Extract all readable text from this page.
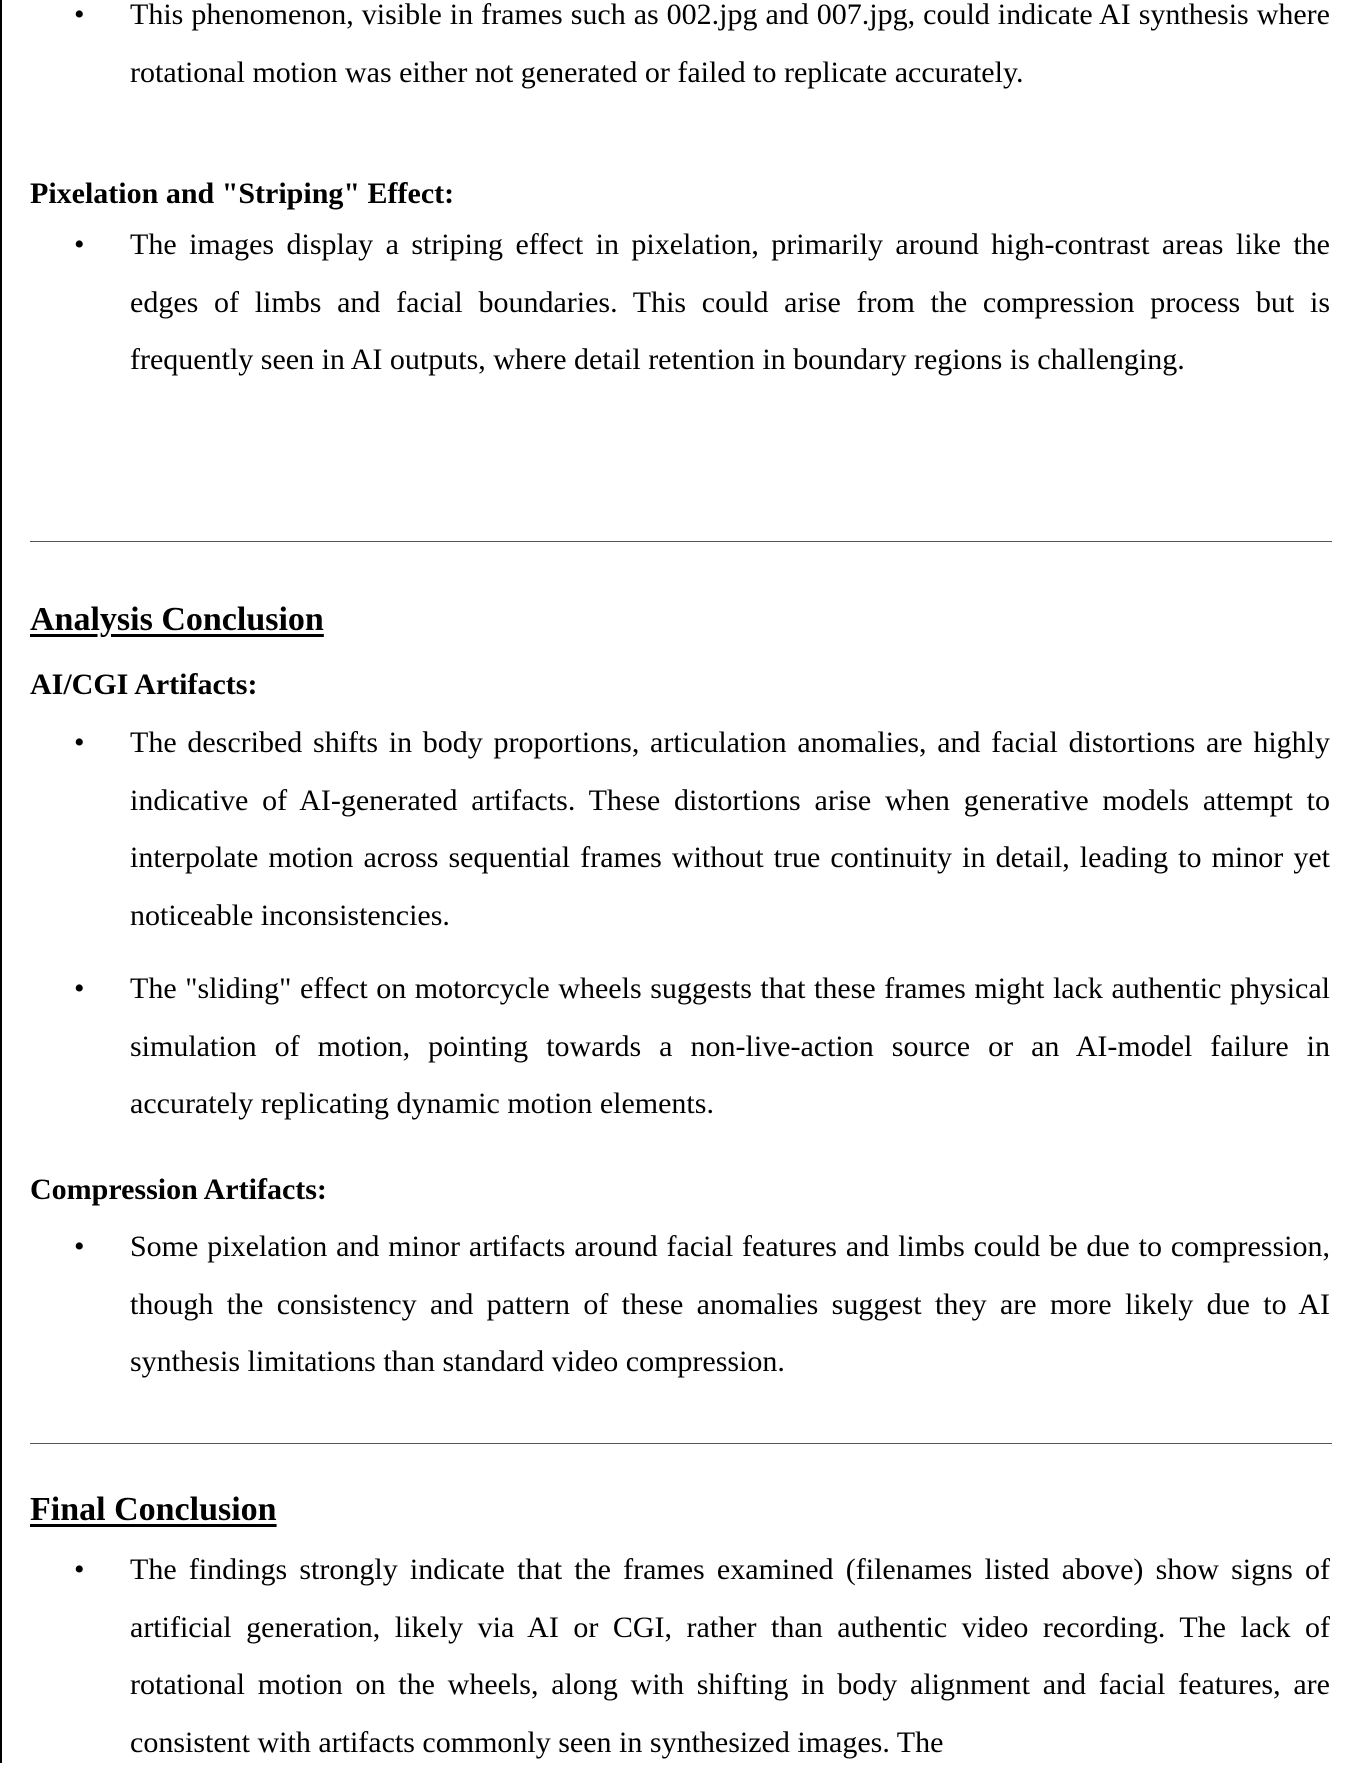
• This phenomenon, visible in frames such as 002.jpg and 007.jpg, could indicate AI synthesis where rotational motion was either not generated or failed to replicate accurately.

Pixelation and "Striping" Effect:

• The images display a striping effect in pixelation, primarily around high-contrast areas like the edges of limbs and facial boundaries. This could arise from the compression process but is frequently seen in AI outputs, where detail retention in boundary regions is challenging.

Analysis Conclusion

AI/CGI Artifacts:

• The described shifts in body proportions, articulation anomalies, and facial distortions are highly indicative of AI-generated artifacts. These distortions arise when generative models attempt to interpolate motion across sequential frames without true continuity in detail, leading to minor yet noticeable inconsistencies.

• The "sliding" effect on motorcycle wheels suggests that these frames might lack authentic physical simulation of motion, pointing towards a non-live-action source or an AI-model failure in accurately replicating dynamic motion elements.

Compression Artifacts:

• Some pixelation and minor artifacts around facial features and limbs could be due to compression, though the consistency and pattern of these anomalies suggest they are more likely due to AI synthesis limitations than standard video compression.

Final Conclusion

• The findings strongly indicate that the frames examined (filenames listed above) show signs of artificial generation, likely via AI or CGI, rather than authentic video recording. The lack of rotational motion on the wheels, along with shifting in body alignment and facial features, are consistent with artifacts commonly seen in synthesized images. The
